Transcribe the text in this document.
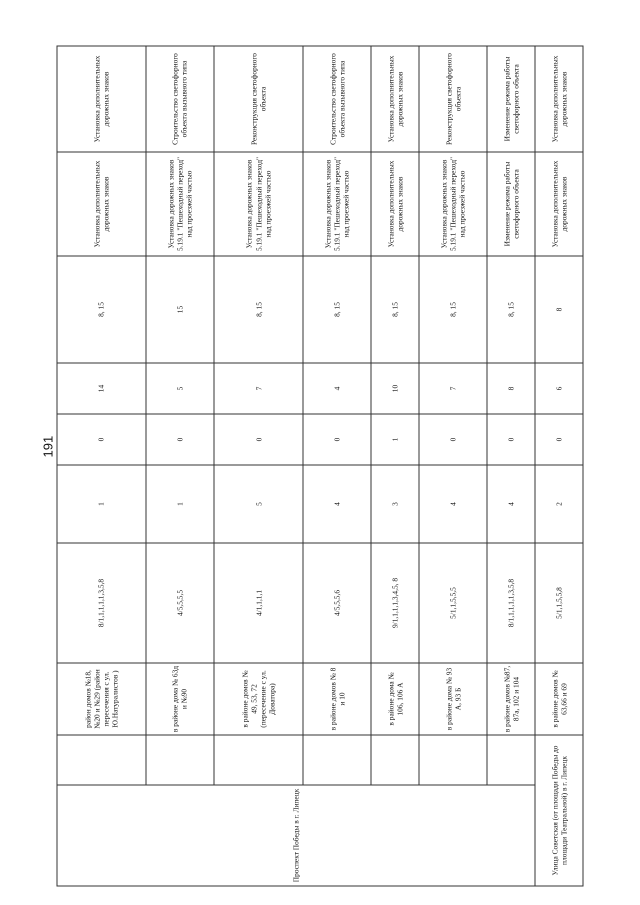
191
Проспект Победы в г. Липецк		район домов №18, №20 и №29 (район пересечения с ул. Ю.Натуралистов )	8/1,1,1,1,1,3,5,8	1	0	14	8, 15	Установка дополнительных дорожных знаков	Установка дополнительных дорожных знаков
		в районе дома № 63д и №90	4/5,5,5,5	1	0	5	15	Установка дорожных знаков 5.19.1 "Пешеходный переход" над проезжей частью	Строительство светофорного объекта вызывного типа
		в районе домов № 49, 53, 72 (пересечение с ул. Доватора)	4/1,1,1,1	5	0	7	8, 15	Установка дорожных знаков 5.19.1 "Пешеходный переход" над проезжей частью	Реконструкция светофорного объекта
		в районе домов № 8 и 10	4/5,5,5,6	4	0	4	8, 15	Установка дорожных знаков 5.19.1 "Пешеходный переход" над проезжей частью	Строительство светофорного объекта вызывного типа
		в районе дома № 106, 106 А	9/1,1,1,1,3,4,5, 8	3	1	10	8, 15	Установка дополнительных дорожных знаков	Установка дополнительных дорожных знаков
		в районе дома № 93 А, 93 Б	5/1,1,5,5,5	4	0	7	8, 15	Установка дорожных знаков 5.19.1 "Пешеходный переход" над проезжей частью	Реконструкция светофорного объекта
		в районе домов №87, 87а, 102 и 104	8/1,1,1,1,1,3,5,8	4	0	8	8, 15	Изменение режима работы светофорного объекта	Изменение режима работы светофорного объекта
Улица Советская (от площади Победы до площади Театральной) в г. Липецк		в районе домов № 63,66 и 69	5/1,1,5,5,8	2	0	6	8	Установка дополнительных дорожных знаков	Установка дополнительных дорожных знаков
